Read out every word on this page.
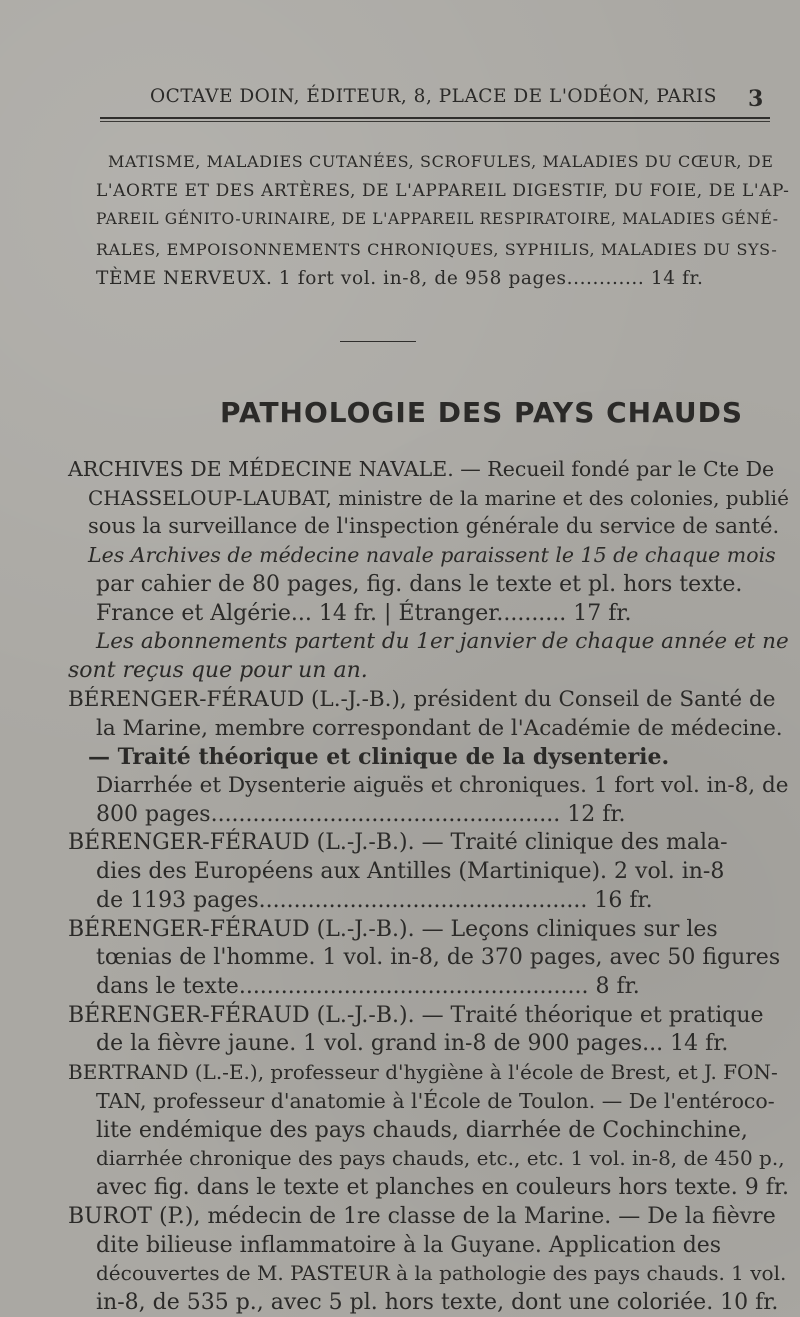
OCTAVE DOIN, ÉDITEUR, 8, PLACE DE L'ODÉON, PARIS 3
MATISME, MALADIES CUTANÉES, SCROFULES, MALADIES DU CŒUR, DE
L'AORTE ET DES ARTÈRES, DE L'APPAREIL DIGESTIF, DU FOIE, DE L'AP-
PAREIL GÉNITO-URINAIRE, DE L'APPAREIL RESPIRATOIRE, MALADIES GÉNÉ-
RALES, EMPOISONNEMENTS CHRONIQUES, SYPHILIS, MALADIES DU SYS-
TÈME NERVEUX. 1 fort vol. in-8, de 958 pages............ 14 fr.
PATHOLOGIE DES PAYS CHAUDS
ARCHIVES DE MÉDECINE NAVALE. — Recueil fondé par le Cte De
CHASSELOUP-LAUBAT, ministre de la marine et des colonies, publié
sous la surveillance de l'inspection générale du service de santé.
Les Archives de médecine navale paraissent le 15 de chaque mois
par cahier de 80 pages, fig. dans le texte et pl. hors texte.
France et Algérie... 14 fr. | Étranger.......... 17 fr.
Les abonnements partent du 1er janvier de chaque année et ne
sont reçus que pour un an.
BÉRENGER-FÉRAUD (L.-J.-B.), président du Conseil de Santé de
la Marine, membre correspondant de l'Académie de médecine.
— Traité théorique et clinique de la dysenterie.
Diarrhée et Dysenterie aiguës et chroniques. 1 fort vol. in-8, de
800 pages.................................................. 12 fr.
BÉRENGER-FÉRAUD (L.-J.-B.). — Traité clinique des mala-
dies des Européens aux Antilles (Martinique). 2 vol. in-8
de 1193 pages............................................... 16 fr.
BÉRENGER-FÉRAUD (L.-J.-B.). — Leçons cliniques sur les
tœnias de l'homme. 1 vol. in-8, de 370 pages, avec 50 figures
dans le texte.................................................. 8 fr.
BÉRENGER-FÉRAUD (L.-J.-B.). — Traité théorique et pratique
de la fièvre jaune. 1 vol. grand in-8 de 900 pages... 14 fr.
BERTRAND (L.-E.), professeur d'hygiène à l'école de Brest, et J. FON-
TAN, professeur d'anatomie à l'École de Toulon. — De l'entéroco-
lite endémique des pays chauds, diarrhée de Cochinchine,
diarrhée chronique des pays chauds, etc., etc. 1 vol. in-8, de 450 p.,
avec fig. dans le texte et planches en couleurs hors texte. 9 fr.
BUROT (P.), médecin de 1re classe de la Marine. — De la fièvre
dite bilieuse inflammatoire à la Guyane. Application des
découvertes de M. PASTEUR à la pathologie des pays chauds. 1 vol.
in-8, de 535 p., avec 5 pl. hors texte, dont une coloriée. 10 fr.
